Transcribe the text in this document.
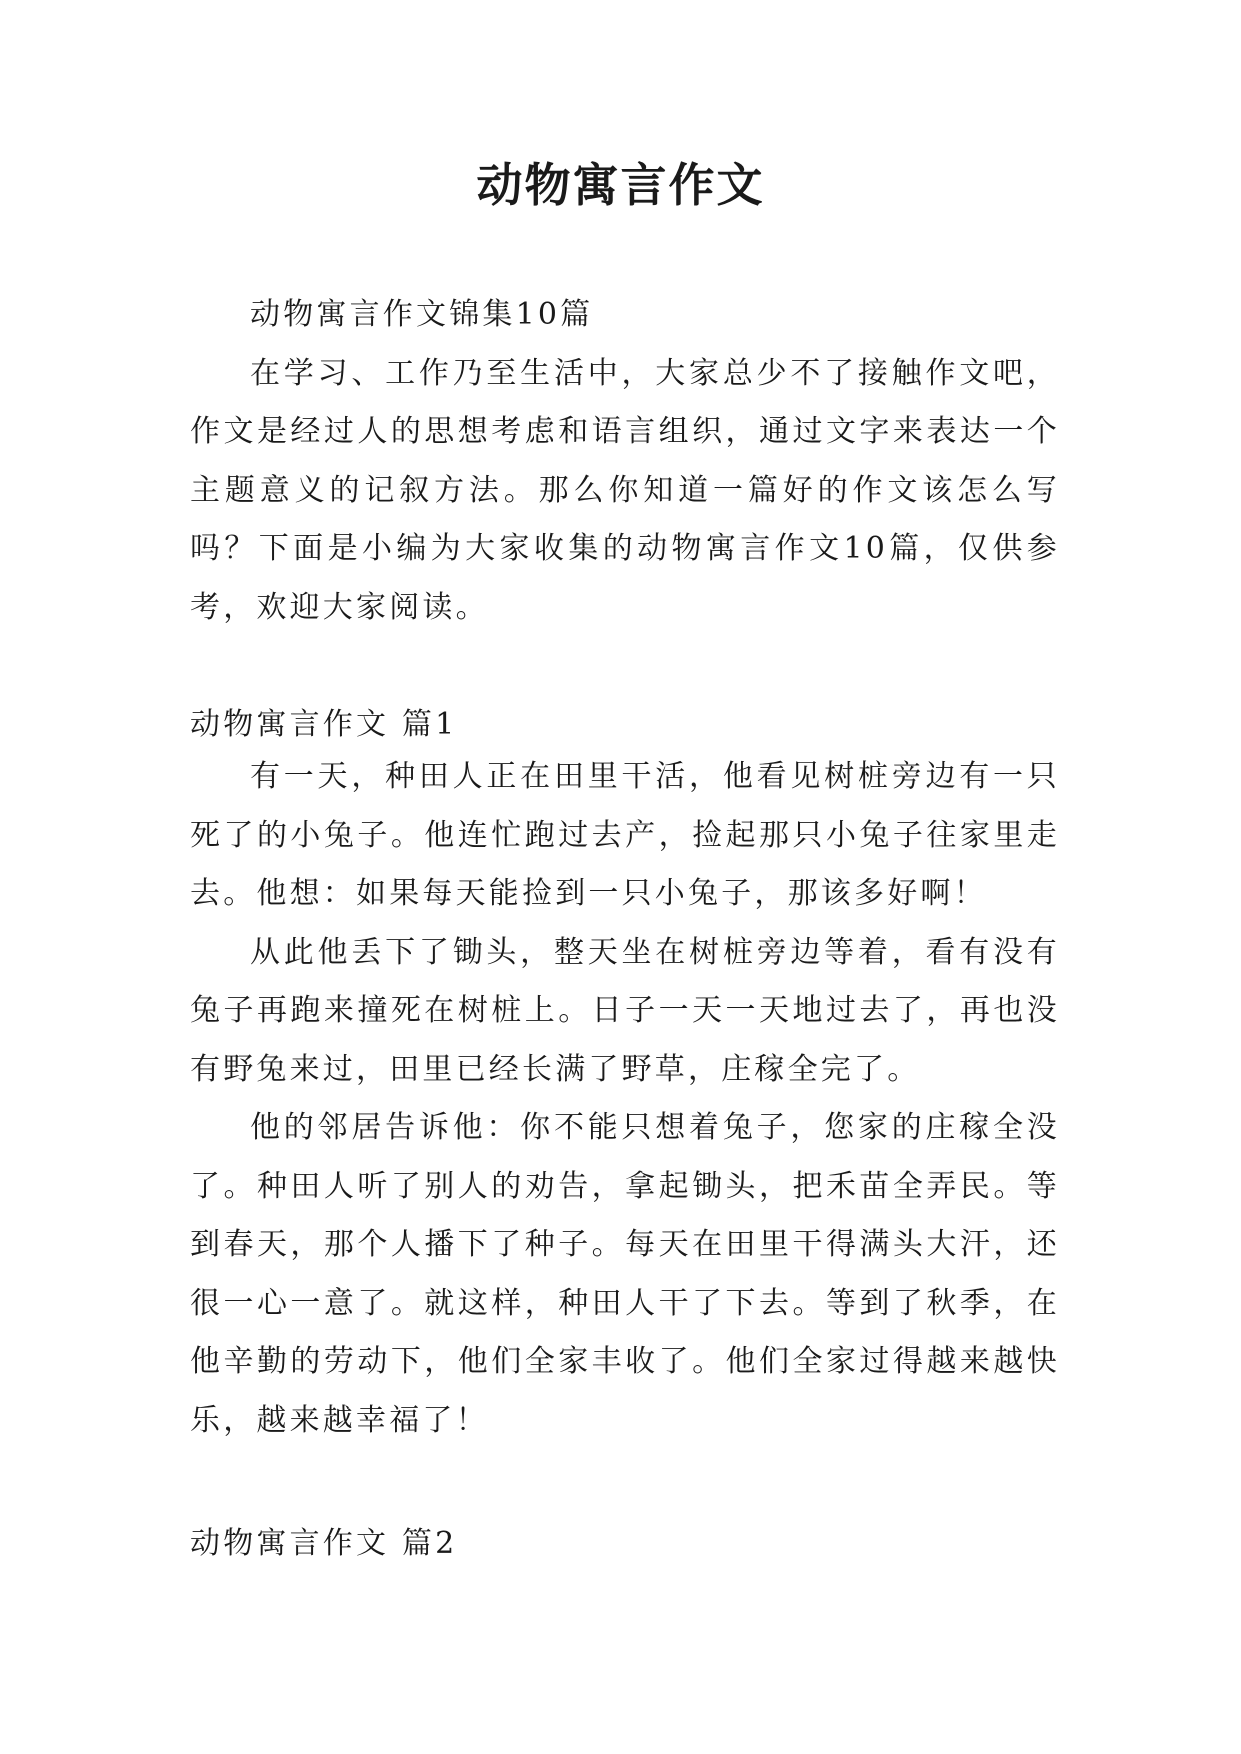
动物寓言作文

动物寓言作文锦集10篇

在学习、工作乃至生活中，大家总少不了接触作文吧，作文是经过人的思想考虑和语言组织，通过文字来表达一个主题意义的记叙方法。那么你知道一篇好的作文该怎么写吗？下面是小编为大家收集的动物寓言作文10篇，仅供参考，欢迎大家阅读。

动物寓言作文 篇1

有一天，种田人正在田里干活，他看见树桩旁边有一只死了的小兔子。他连忙跑过去产，捡起那只小兔子往家里走去。他想：如果每天能捡到一只小兔子，那该多好啊！

从此他丢下了锄头，整天坐在树桩旁边等着，看有没有兔子再跑来撞死在树桩上。日子一天一天地过去了，再也没有野兔来过，田里已经长满了野草，庄稼全完了。

他的邻居告诉他：你不能只想着兔子，您家的庄稼全没了。种田人听了别人的劝告，拿起锄头，把禾苗全弄民。等到春天，那个人播下了种子。每天在田里干得满头大汗，还很一心一意了。就这样，种田人干了下去。等到了秋季，在他辛勤的劳动下，他们全家丰收了。他们全家过得越来越快乐，越来越幸福了！

动物寓言作文 篇2
